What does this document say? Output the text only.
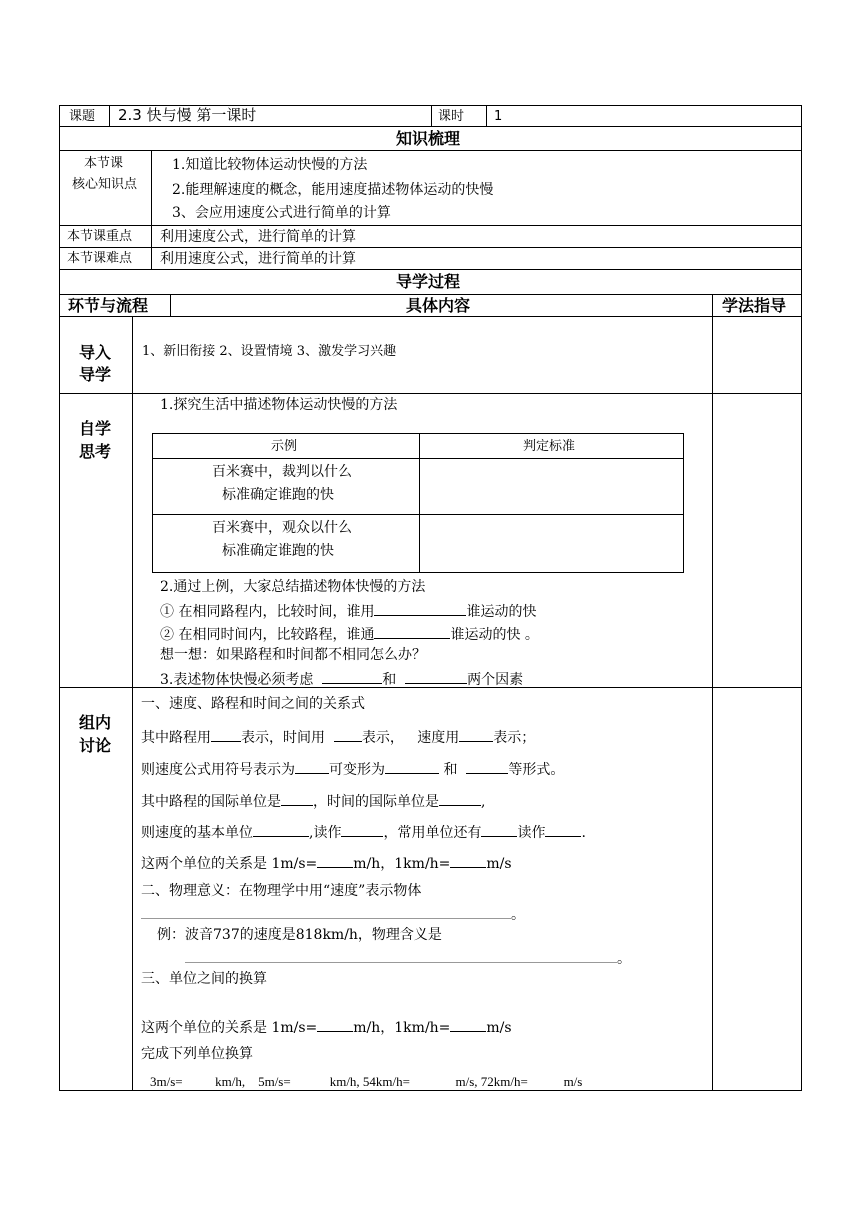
课题 2.3 快与慢 第一课时	课时 1
知识梳理
本节课
核心知识点
1.知道比较物体运动快慢的方法
2.能理解速度的概念，能用速度描述物体运动的快慢
3、会应用速度公式进行简单的计算
本节课重点 利用速度公式，进行简单的计算
本节课难点 利用速度公式，进行简单的计算
导学过程
环节与流程	具体内容	学法指导
导入
导学
1、新旧衔接 2、设置情境 3、激发学习兴趣
自学
思考
1.探究生活中描述物体运动快慢的方法
示例	判定标准
百米赛中，裁判以什么
标准确定谁跑的快
百米赛中，观众以什么
标准确定谁跑的快
2.通过上例，大家总结描述物体快慢的方法
① 在相同路程内，比较时间，谁用	谁运动的快
② 在相同时间内，比较路程，谁通	谁运动的快 。
想一想：如果路程和时间都不相同怎么办？
3.表述物体快慢必须考虑	和	两个因素
组内
讨论
一、速度、路程和时间之间的关系式
其中路程用 表示，时间用	表示， 速度用 表示；
则速度公式用符号表示为 可变形为	和	等形式。
其中路程的国际单位是 ，时间的国际单位是	,
则速度的基本单位	,读作	，常用单位还有	读作	.
这两个单位的关系是 1m/s=	m/h，1km/h=	m/s
二、物理意义：在物理学中用“速度”表示物体
。
例：波音737的速度是818km/h，物理含义是
。
三、单位之间的换算
这两个单位的关系是 1m/s=	m/h，1km/h=	m/s
完成下列单位换算
3m/s=          km/h,    5m/s=            km/h, 54km/h=              m/s, 72km/h=           m/s
